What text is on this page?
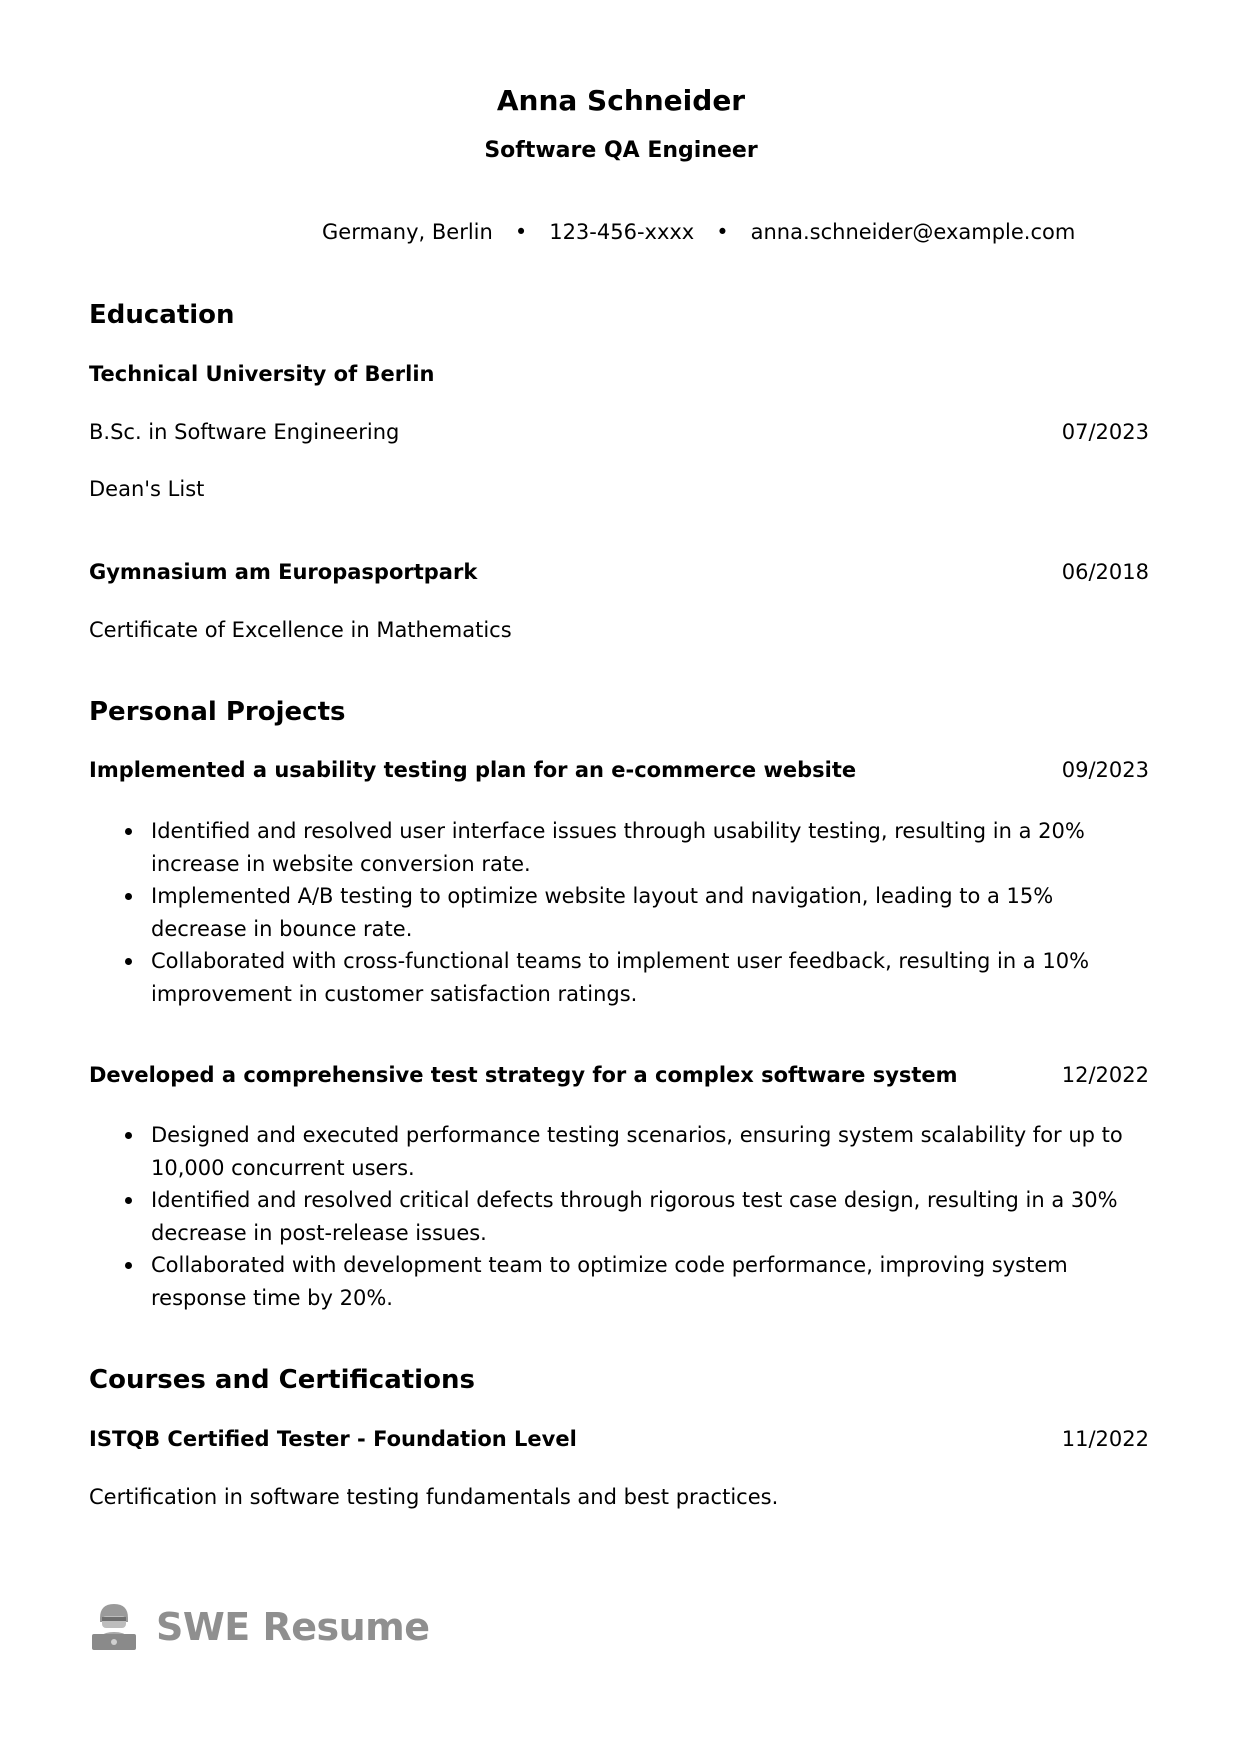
Anna Schneider
Software QA Engineer
Germany, Berlin • 123-456-xxxx • anna.schneider@example.com
Education
Technical University of Berlin
B.Sc. in Software Engineering	07/2023
Dean's List
Gymnasium am Europasportpark	06/2018
Certificate of Excellence in Mathematics
Personal Projects
Implemented a usability testing plan for an e-commerce website	09/2023
Identified and resolved user interface issues through usability testing, resulting in a 20% increase in website conversion rate.
Implemented A/B testing to optimize website layout and navigation, leading to a 15% decrease in bounce rate.
Collaborated with cross-functional teams to implement user feedback, resulting in a 10% improvement in customer satisfaction ratings.
Developed a comprehensive test strategy for a complex software system	12/2022
Designed and executed performance testing scenarios, ensuring system scalability for up to 10,000 concurrent users.
Identified and resolved critical defects through rigorous test case design, resulting in a 30% decrease in post-release issues.
Collaborated with development team to optimize code performance, improving system response time by 20%.
Courses and Certifications
ISTQB Certified Tester - Foundation Level	11/2022
Certification in software testing fundamentals and best practices.
SWE Resume
